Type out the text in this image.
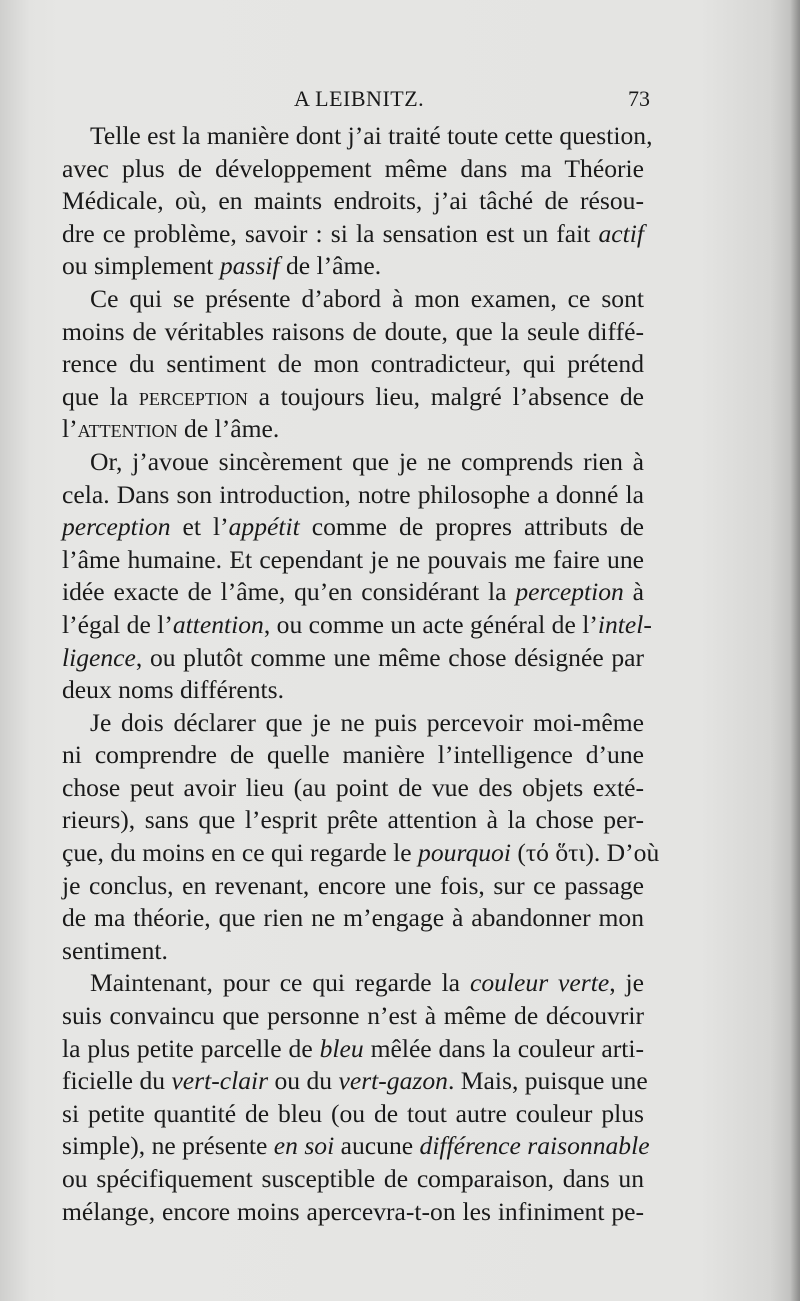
A LEIBNITZ.	73
Telle est la manière dont j’ai traité toute cette question,
avec plus de développement même dans ma Théorie
Médicale, où, en maints endroits, j’ai tâché de résou-
dre ce problème, savoir : si la sensation est un fait actif
ou simplement passif de l’âme.
Ce qui se présente d’abord à mon examen, ce sont
moins de véritables raisons de doute, que la seule diffé-
rence du sentiment de mon contradicteur, qui prétend
que la perception a toujours lieu, malgré l’absence de
l’attention de l’âme.
Or, j’avoue sincèrement que je ne comprends rien à
cela. Dans son introduction, notre philosophe a donné la
perception et l’appétit comme de propres attributs de
l’âme humaine. Et cependant je ne pouvais me faire une
idée exacte de l’âme, qu’en considérant la perception à
l’égal de l’attention, ou comme un acte général de l’intel-
ligence, ou plutôt comme une même chose désignée par
deux noms différents.
Je dois déclarer que je ne puis percevoir moi-même
ni comprendre de quelle manière l’intelligence d’une
chose peut avoir lieu (au point de vue des objets exté-
rieurs), sans que l’esprit prête attention à la chose per-
çue, du moins en ce qui regarde le pourquoi (τό ὅτι). D’où
je conclus, en revenant, encore une fois, sur ce passage
de ma théorie, que rien ne m’engage à abandonner mon
sentiment.
Maintenant, pour ce qui regarde la couleur verte, je
suis convaincu que personne n’est à même de découvrir
la plus petite parcelle de bleu mêlée dans la couleur arti-
ficielle du vert-clair ou du vert-gazon. Mais, puisque une
si petite quantité de bleu (ou de tout autre couleur plus
simple), ne présente en soi aucune différence raisonnable
ou spécifiquement susceptible de comparaison, dans un
mélange, encore moins apercevra-t-on les infiniment pe-
